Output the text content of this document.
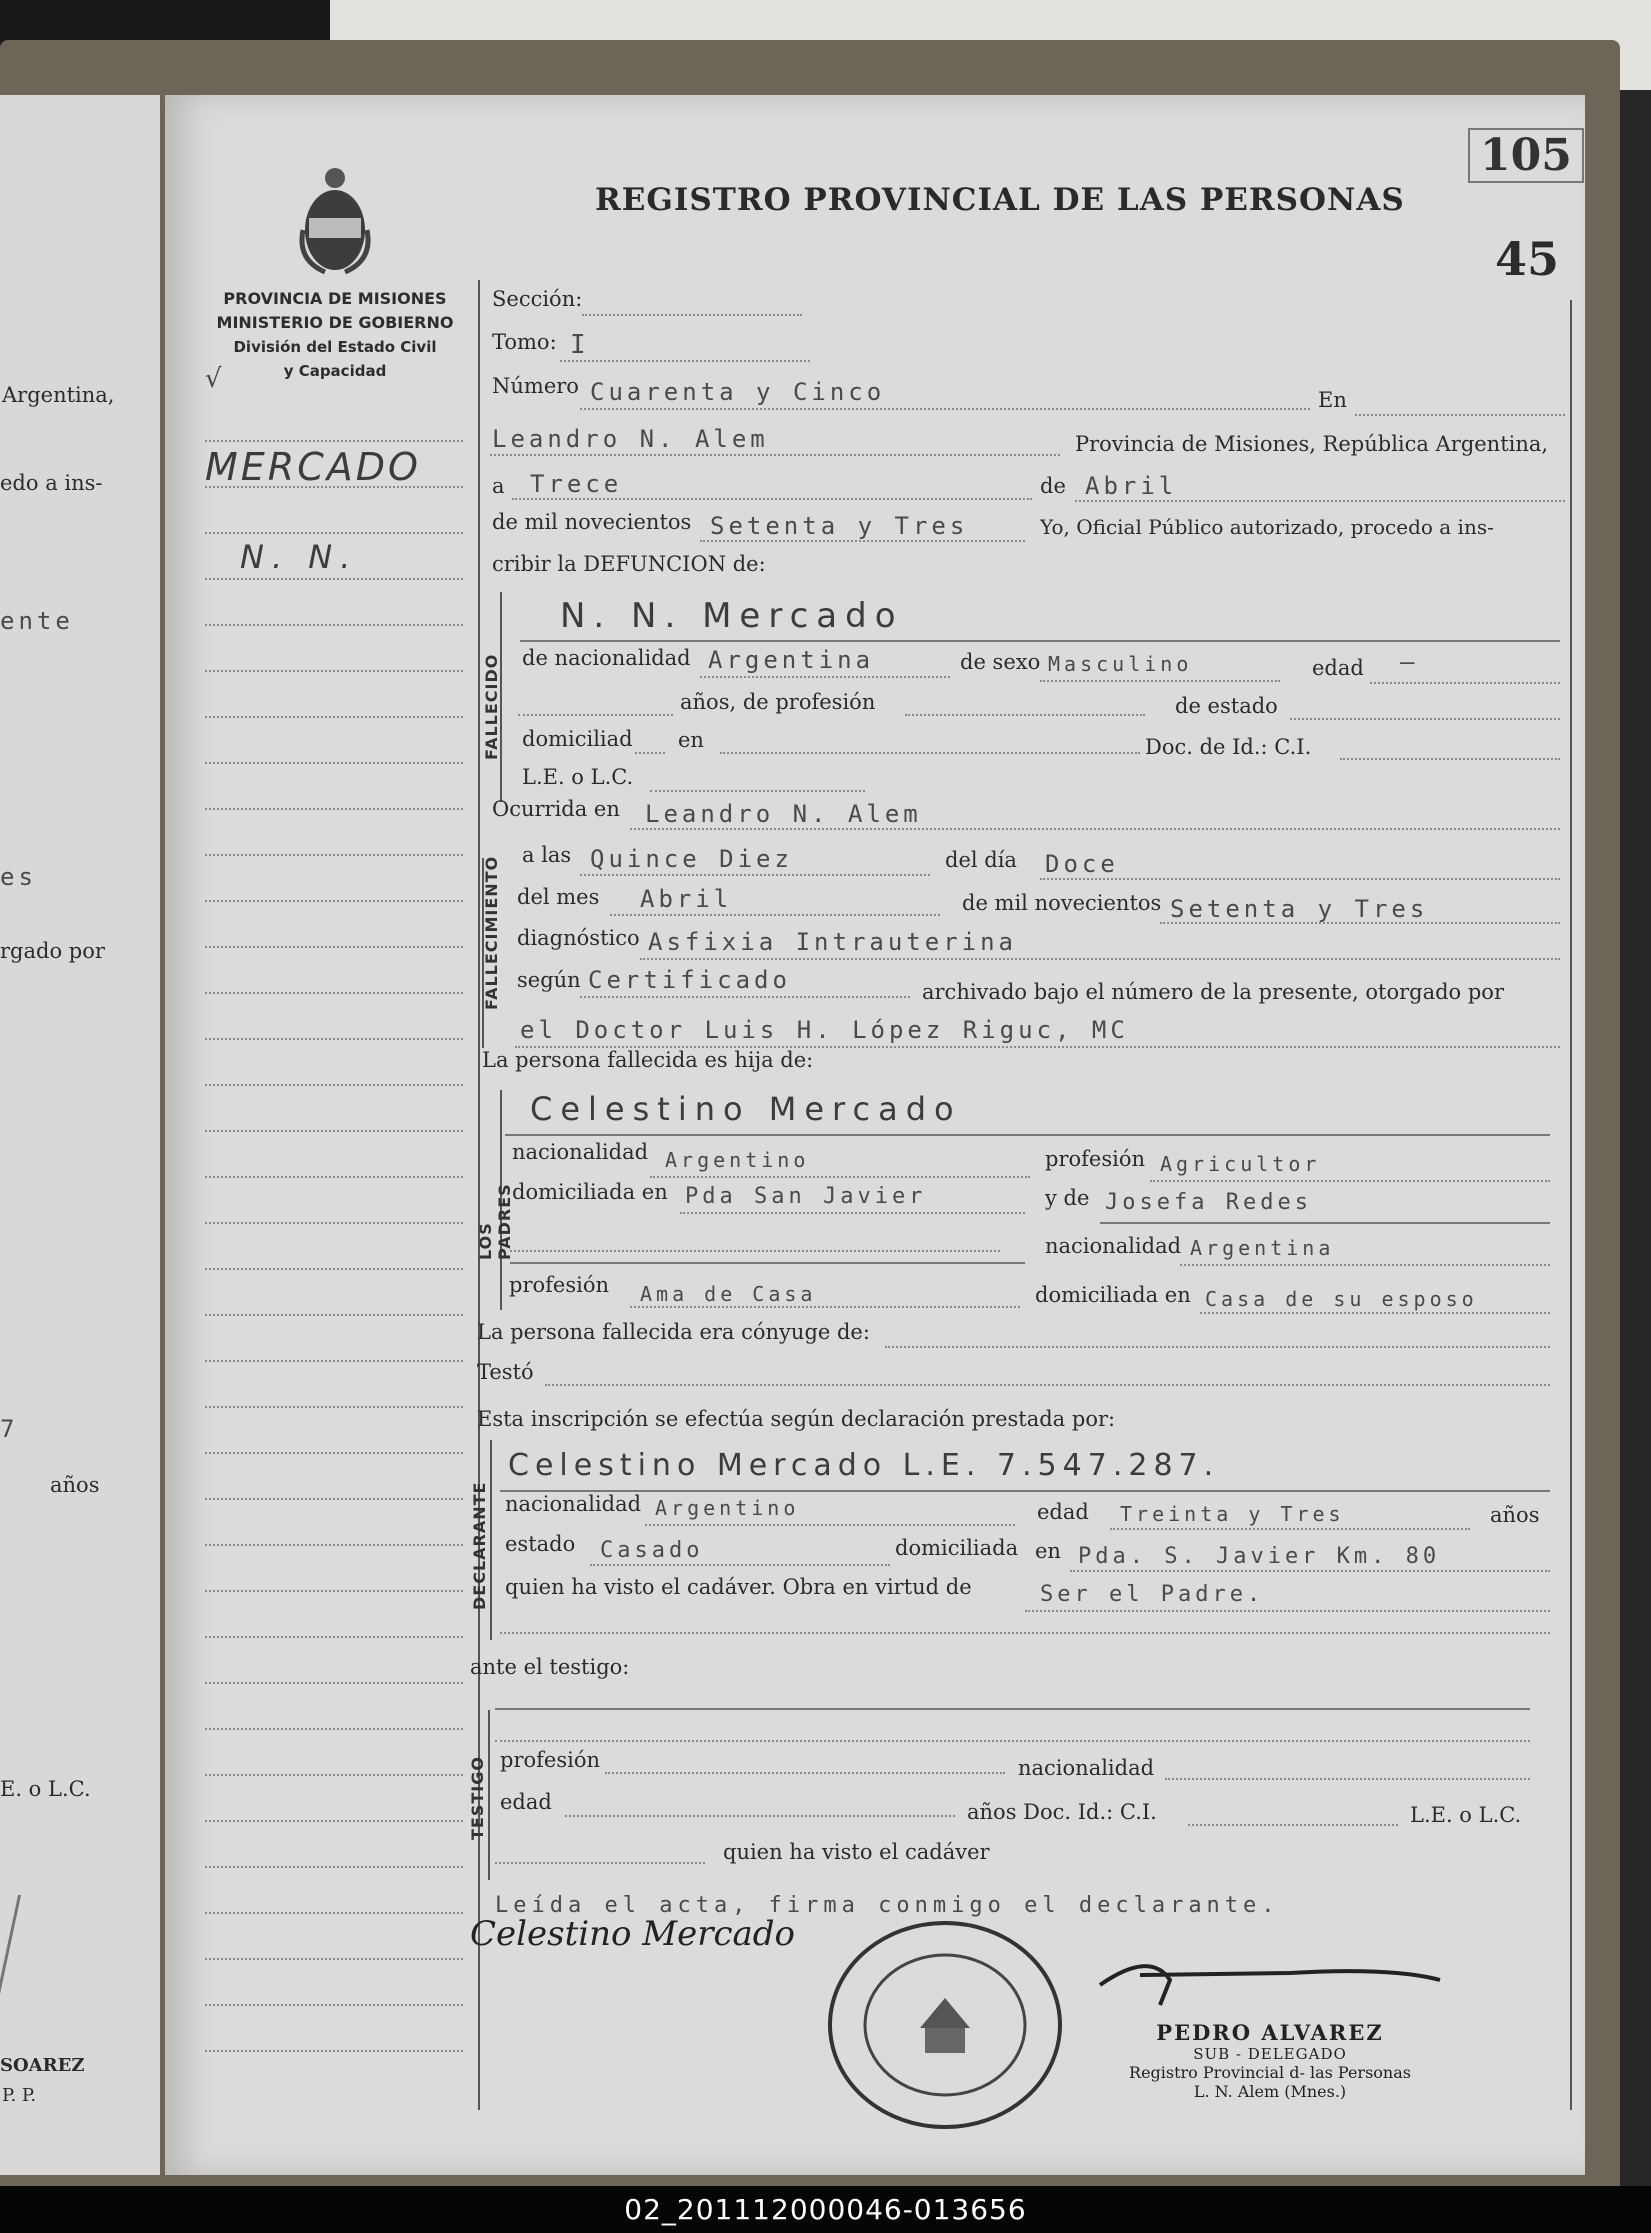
Argentina,
edo a ins-
ente
es
rgado por
7
años
E. o L.C.
SOAREZ
P. P.
PROVINCIA DE MISIONES
MINISTERIO DE GOBIERNO
División del Estado Civil
y Capacidad
√
REGISTRO PROVINCIAL DE LAS PERSONAS
105
45
FALLECIDO
FALLECIMIENTO
LOS PADRES
DECLARANTE
TESTIGO
MERCADO
N. N.
Sección:
Tomo: I
Número Cuarenta y Cinco	En
Leandro N. Alem	Provincia de Misiones, República Argentina,
a Trece	de Abril
de mil novecientos Setenta y Tres	Yo, Oficial Público autorizado, procedo a ins-
cribir la DEFUNCION de:
N. N. Mercado
de nacionalidad Argentina	de sexo Masculino	edad —
años, de profesión	de estado
domiciliad en	Doc. de Id.: C.I.
L.E. o L.C.
Ocurrida en Leandro N. Alem
a las Quince Diez	del día Doce
del mes Abril	de mil novecientos Setenta y Tres
diagnóstico Asfixia Intrauterina
según Certificado	archivado bajo el número de la presente, otorgado por
el Doctor Luis H. López Riguc, MC
La persona fallecida es hija de:
Celestino Mercado
nacionalidad Argentino	profesión Agricultor
domiciliada en Pda San Javier	y de Josefa Redes
nacionalidad Argentina
profesión Ama de Casa	domiciliada en Casa de su esposo
La persona fallecida era cónyuge de:
Testó
Esta inscripción se efectúa según declaración prestada por:
Celestino Mercado L.E. 7.547.287.
nacionalidad Argentino	edad Treinta y Tres	años
estado Casado	domiciliada en Pda. S. Javier Km. 80
quien ha visto el cadáver. Obra en virtud de	Ser el Padre.
ante el testigo:
profesión	nacionalidad
edad	años Doc. Id.: C.I.	L.E. o L.C.
quien ha visto el cadáver
Leída el acta, firma conmigo el declarante.
Celestino Mercado
PEDRO ALVAREZ
SUB - DELEGADO
Registro Provincial d- las Personas
L. N. Alem (Mnes.)
02_201112000046-013656
